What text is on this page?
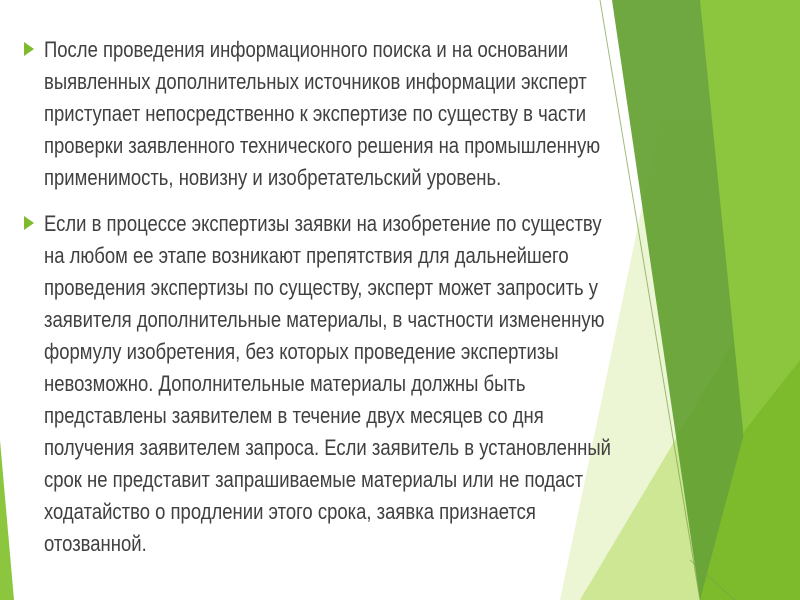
После проведения информационного поиска и на основании
выявленных дополнительных источников информации эксперт
приступает непосредственно к экспертизе по существу в части
проверки заявленного технического решения на промышленную
применимость, новизну и изобретательский уровень.
Если в процессе экспертизы заявки на изобретение по существу
на любом ее этапе возникают препятствия для дальнейшего
проведения экспертизы по существу, эксперт может запросить у
заявителя дополнительные материалы, в частности измененную
формулу изобретения, без которых проведение экспертизы
невозможно. Дополнительные материалы должны быть
представлены заявителем в течение двух месяцев со дня
получения заявителем запроса. Если заявитель в установленный
срок не представит запрашиваемые материалы или не подаст
ходатайство о продлении этого срока, заявка признается
отозванной.
